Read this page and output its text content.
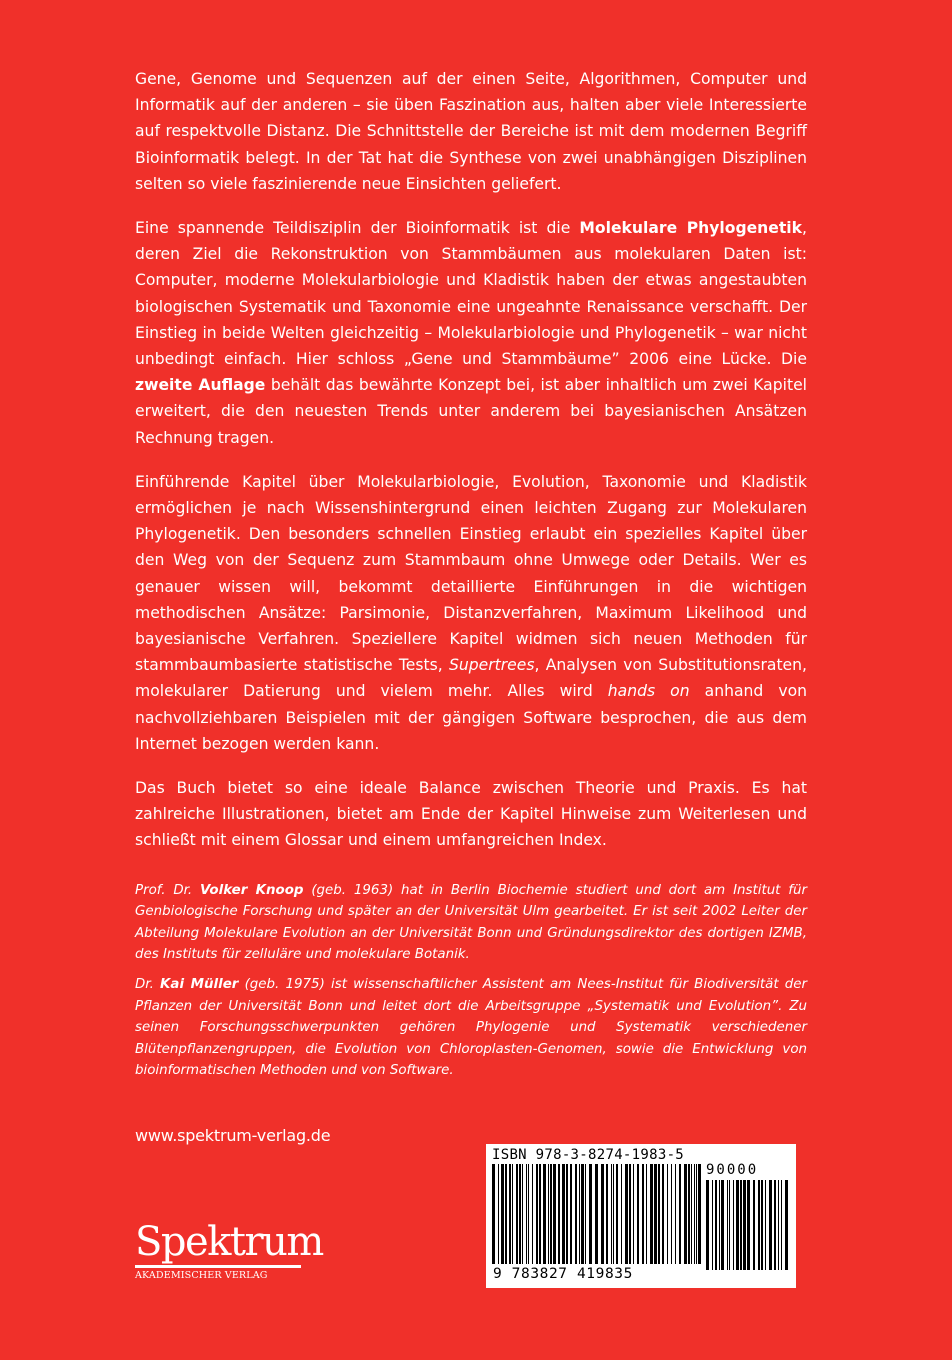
Gene, Genome und Sequenzen auf der einen Seite, Algorithmen, Computer und Informatik auf der anderen – sie üben Faszination aus, halten aber viele Interessierte auf respektvolle Distanz. Die Schnittstelle der Bereiche ist mit dem modernen Begriff Bioinformatik belegt. In der Tat hat die Synthese von zwei unabhängigen Disziplinen selten so viele faszinierende neue Einsichten geliefert.

Eine spannende Teildisziplin der Bioinformatik ist die Molekulare Phylogenetik, deren Ziel die Rekonstruktion von Stammbäumen aus molekularen Daten ist: Computer, moderne Molekularbiologie und Kladistik haben der etwas angestaubten biologischen Systematik und Taxonomie eine ungeahnte Renaissance verschafft. Der Einstieg in beide Welten gleichzeitig – Molekularbiologie und Phylogenetik – war nicht unbedingt einfach. Hier schloss „Gene und Stammbäume” 2006 eine Lücke. Die zweite Auflage behält das bewährte Konzept bei, ist aber inhaltlich um zwei Kapitel erweitert, die den neuesten Trends unter anderem bei bayesianischen Ansätzen Rechnung tragen.

Einführende Kapitel über Molekularbiologie, Evolution, Taxonomie und Kladistik ermöglichen je nach Wissenshintergrund einen leichten Zugang zur Molekularen Phylogenetik. Den besonders schnellen Einstieg erlaubt ein spezielles Kapitel über den Weg von der Sequenz zum Stammbaum ohne Umwege oder Details. Wer es genauer wissen will, bekommt detaillierte Einführungen in die wichtigen methodischen Ansätze: Parsimonie, Distanzverfahren, Maximum Likelihood und bayesianische Verfahren. Speziellere Kapitel widmen sich neuen Methoden für stammbaumbasierte statistische Tests, Supertrees, Analysen von Substitutionsraten, molekularer Datierung und vielem mehr. Alles wird hands on anhand von nachvollziehbaren Beispielen mit der gängigen Software besprochen, die aus dem Internet bezogen werden kann.

Das Buch bietet so eine ideale Balance zwischen Theorie und Praxis. Es hat zahlreiche Illustrationen, bietet am Ende der Kapitel Hinweise zum Weiterlesen und schließt mit einem Glossar und einem umfangreichen Index.

Prof. Dr. Volker Knoop (geb. 1963) hat in Berlin Biochemie studiert und dort am Institut für Genbiologische Forschung und später an der Universität Ulm gearbeitet. Er ist seit 2002 Leiter der Abteilung Molekulare Evolution an der Universität Bonn und Gründungsdirektor des dortigen IZMB, des Instituts für zelluläre und molekulare Botanik.

Dr. Kai Müller (geb. 1975) ist wissenschaftlicher Assistent am Nees-Institut für Biodiversität der Pflanzen der Universität Bonn und leitet dort die Arbeitsgruppe „Systematik und Evolution”. Zu seinen Forschungsschwerpunkten gehören Phylogenie und Systematik verschiedener Blütenpflanzengruppen, die Evolution von Chloroplasten-Genomen, sowie die Entwicklung von bioinformatischen Methoden und von Software.

www.spektrum-verlag.de
Spektrum
AKADEMISCHER VERLAG
ISBN 978-3-8274-1983-5
90000
9 783827 419835
